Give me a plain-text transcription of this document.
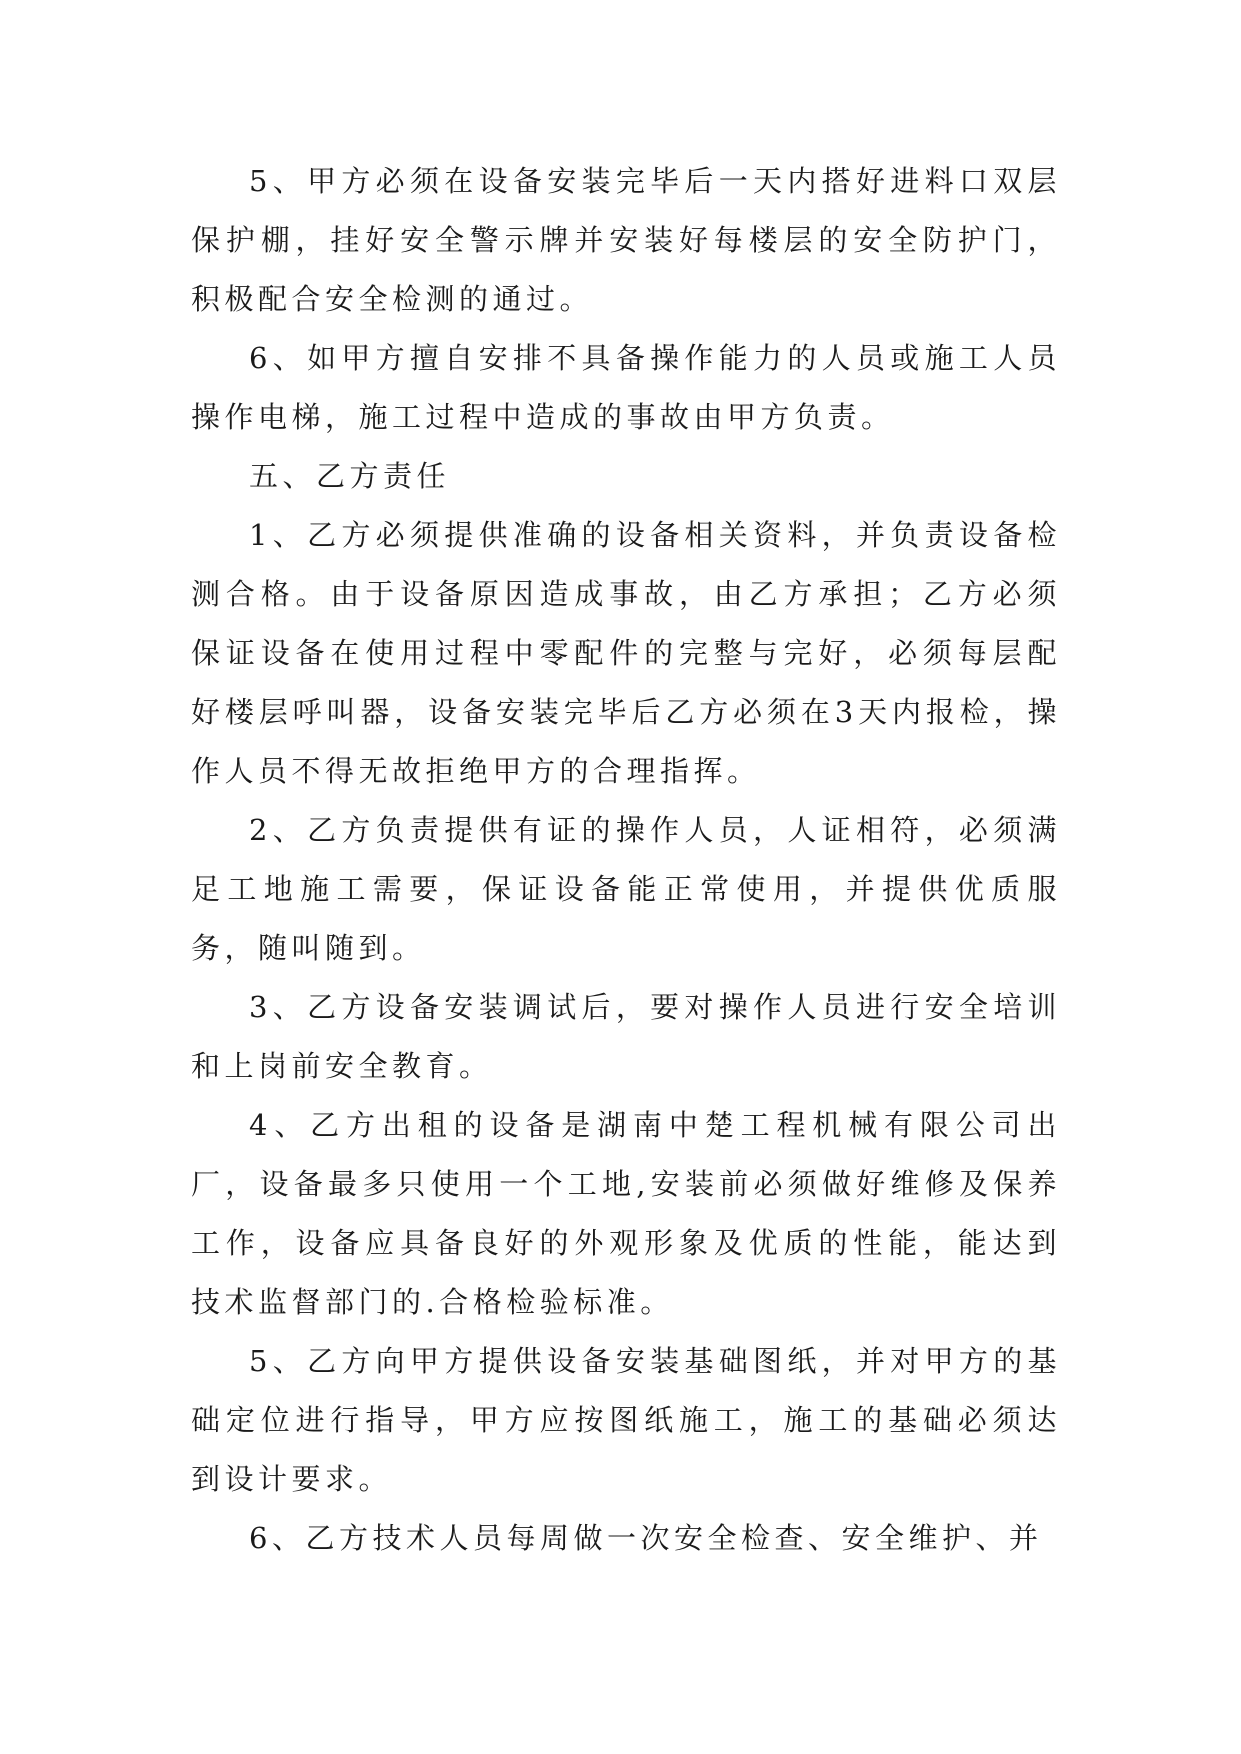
5、甲方必须在设备安装完毕后一天内搭好进料口双层保护棚，挂好安全警示牌并安装好每楼层的安全防护门，积极配合安全检测的通过。

6、如甲方擅自安排不具备操作能力的人员或施工人员操作电梯，施工过程中造成的事故由甲方负责。

五、乙方责任

1、乙方必须提供准确的设备相关资料，并负责设备检测合格。由于设备原因造成事故，由乙方承担；乙方必须保证设备在使用过程中零配件的完整与完好，必须每层配好楼层呼叫器，设备安装完毕后乙方必须在3天内报检，操作人员不得无故拒绝甲方的合理指挥。

2、乙方负责提供有证的操作人员，人证相符，必须满足工地施工需要，保证设备能正常使用，并提供优质服务，随叫随到。

3、乙方设备安装调试后，要对操作人员进行安全培训和上岗前安全教育。

4、乙方出租的设备是湖南中楚工程机械有限公司出厂，设备最多只使用一个工地,安装前必须做好维修及保养工作，设备应具备良好的外观形象及优质的性能，能达到技术监督部门的.合格检验标准。

5、乙方向甲方提供设备安装基础图纸，并对甲方的基础定位进行指导，甲方应按图纸施工，施工的基础必须达到设计要求。

6、乙方技术人员每周做一次安全检查、安全维护、并
